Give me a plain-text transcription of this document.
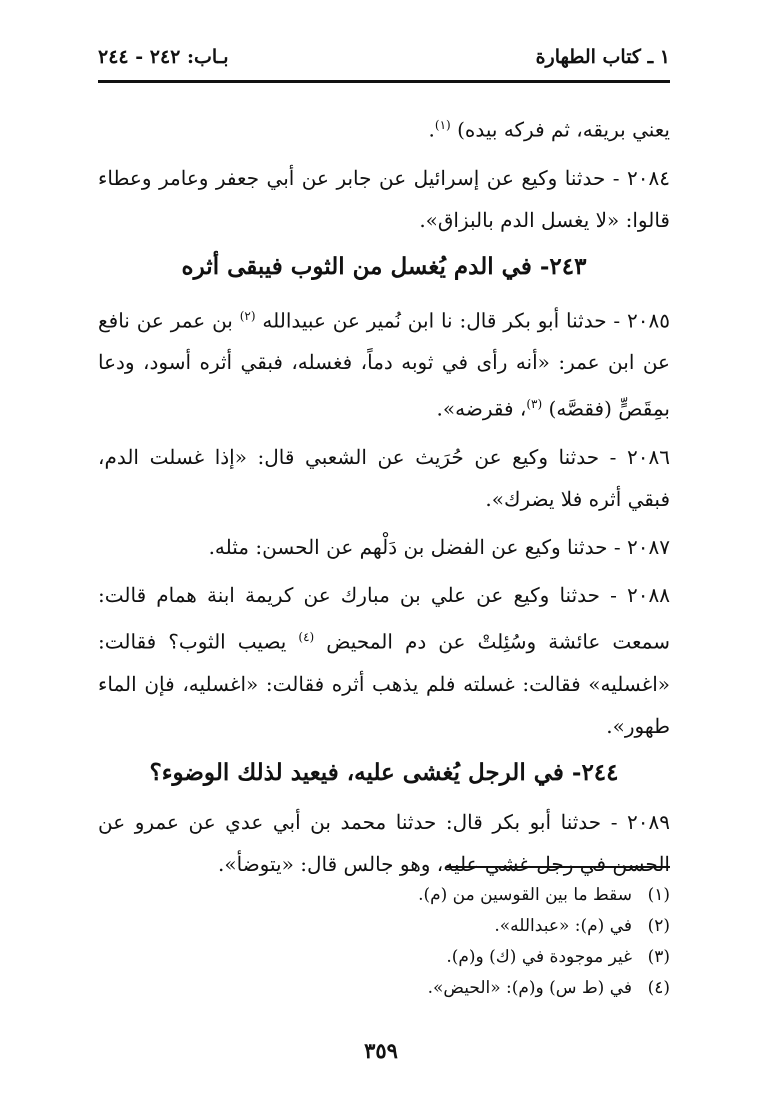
١ ـ كتاب الطهارة
بـاب: ٢٤٢ - ٢٤٤

يعني بريقه، ثم فركه بيده) $^{(١)}$.

٢٠٨٤ - حدثنا وكيع عن إسرائيل عن جابر عن أبي جعفر وعامر وعطاء قالوا: «لا يغسل الدم بالبزاق».

٢٤٣- في الدم يُغسل من الثوب فيبقى أثره

٢٠٨٥ - حدثنا أبو بكر قال: نا ابن نُمير عن عبيدالله $^{(٢)}$ بن عمر عن نافع عن ابن عمر: «أنه رأى في ثوبه دماً، فغسله، فبقي أثره أسود، ودعا بمِقَصٍّ (فقصَّه) $^{(٣)}$، فقرضه».

٢٠٨٦ - حدثنا وكيع عن حُرَيث عن الشعبي قال: «إذا غسلت الدم، فبقي أثره فلا يضرك».

٢٠٨٧ - حدثنا وكيع عن الفضل بن دَلْهم عن الحسن: مثله.

٢٠٨٨ - حدثنا وكيع عن علي بن مبارك عن كريمة ابنة همام قالت: سمعت عائشة وسُئِلتْ عن دم المحيض $^{(٤)}$ يصيب الثوب؟ فقالت: «اغسليه» فقالت: غسلته فلم يذهب أثره فقالت: «اغسليه، فإن الماء طهور».

٢٤٤- في الرجل يُغشى عليه، فيعيد لذلك الوضوء؟

٢٠٨٩ - حدثنا أبو بكر قال: حدثنا محمد بن أبي عدي عن عمرو عن الحسن في رجل غشي عليه، وهو جالس قال: «يتوضأ».

(١)سقط ما بين القوسين من (م).
(٢)في (م): «عبدالله».
(٣)غير موجودة في (ك) و(م).
(٤)في (ط س) و(م): «الحيض».
٣٥٩
